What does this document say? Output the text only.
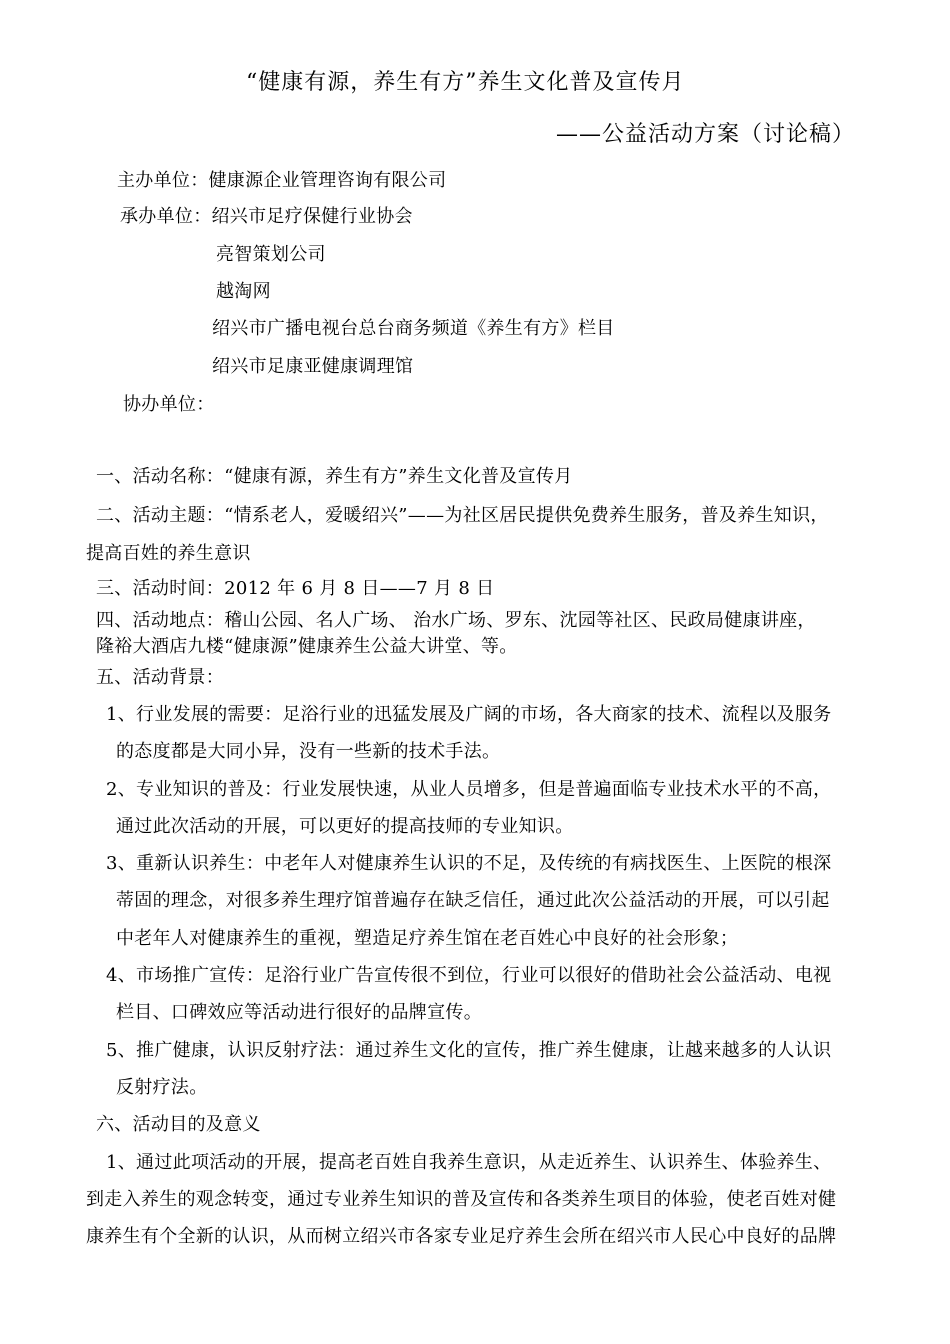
“健康有源，养生有方”养生文化普及宣传月
——公益活动方案（讨论稿）
主办单位：健康源企业管理咨询有限公司
承办单位：绍兴市足疗保健行业协会
亮智策划公司
越淘网
绍兴市广播电视台总台商务频道《养生有方》栏目
绍兴市足康亚健康调理馆
协办单位：
一、活动名称：“健康有源，养生有方”养生文化普及宣传月
二、活动主题：“情系老人，爱暖绍兴”——为社区居民提供免费养生服务，普及养生知识，
提高百姓的养生意识
三、活动时间：2012 年 6 月 8 日——7 月 8 日
四、活动地点：稽山公园、名人广场、 治水广场、罗东、沈园等社区、民政局健康讲座，
隆裕大酒店九楼“健康源”健康养生公益大讲堂、等。
五、活动背景：
1、行业发展的需要：足浴行业的迅猛发展及广阔的市场，各大商家的技术、流程以及服务
的态度都是大同小异，没有一些新的技术手法。
2、专业知识的普及：行业发展快速，从业人员增多，但是普遍面临专业技术水平的不高，
通过此次活动的开展，可以更好的提高技师的专业知识。
3、重新认识养生：中老年人对健康养生认识的不足，及传统的有病找医生、上医院的根深
蒂固的理念，对很多养生理疗馆普遍存在缺乏信任，通过此次公益活动的开展，可以引起
中老年人对健康养生的重视，塑造足疗养生馆在老百姓心中良好的社会形象；
4、市场推广宣传：足浴行业广告宣传很不到位，行业可以很好的借助社会公益活动、电视
栏目、口碑效应等活动进行很好的品牌宣传。
5、推广健康，认识反射疗法：通过养生文化的宣传，推广养生健康，让越来越多的人认识
反射疗法。
六、活动目的及意义
1、通过此项活动的开展，提高老百姓自我养生意识，从走近养生、认识养生、体验养生、
到走入养生的观念转变，通过专业养生知识的普及宣传和各类养生项目的体验，使老百姓对健
康养生有个全新的认识，从而树立绍兴市各家专业足疗养生会所在绍兴市人民心中良好的品牌
